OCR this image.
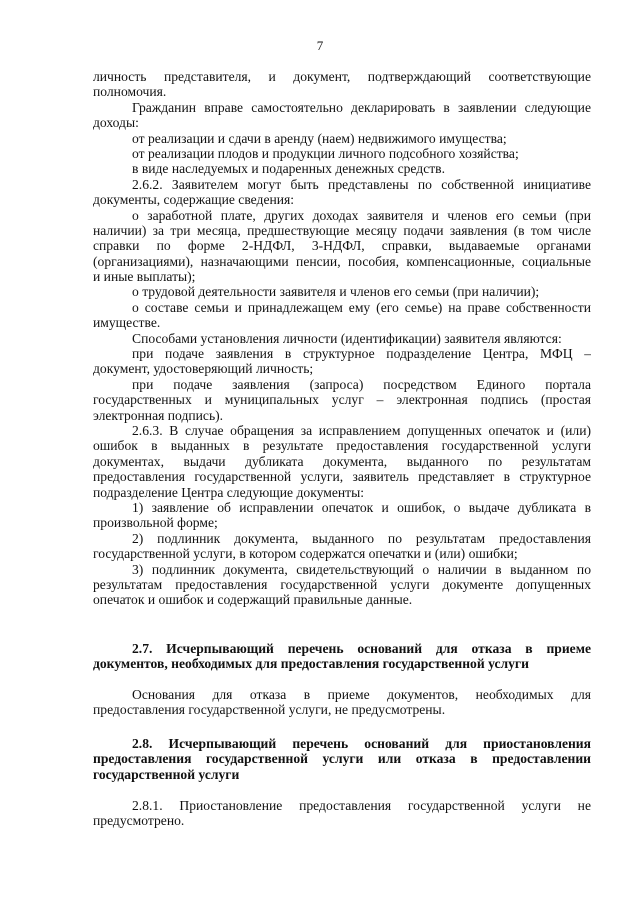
7
личность представителя, и документ, подтверждающий соответствующие
полномочия.
Гражданин вправе самостоятельно декларировать в заявлении следующие
доходы:
от реализации и сдачи в аренду (наем) недвижимого имущества;
от реализации плодов и продукции личного подсобного хозяйства;
в виде наследуемых и подаренных денежных средств.
2.6.2. Заявителем могут быть представлены по собственной инициативе
документы, содержащие сведения:
о заработной плате, других доходах заявителя и членов его семьи (при
наличии) за три месяца, предшествующие месяцу подачи заявления (в том числе
справки по форме 2-НДФЛ, 3-НДФЛ, справки, выдаваемые органами
(организациями), назначающими пенсии, пособия, компенсационные, социальные
и иные выплаты);
о трудовой деятельности заявителя и членов его семьи (при наличии);
о составе семьи и принадлежащем ему (его семье) на праве собственности
имуществе.
Способами установления личности (идентификации) заявителя являются:
при подаче заявления в структурное подразделение Центра, МФЦ –
документ, удостоверяющий личность;
при подаче заявления (запроса) посредством Единого портала
государственных и муниципальных услуг – электронная подпись (простая
электронная подпись).
2.6.3. В случае обращения за исправлением допущенных опечаток и (или)
ошибок в выданных в результате предоставления государственной услуги
документах, выдачи дубликата документа, выданного по результатам
предоставления государственной услуги, заявитель представляет в структурное
подразделение Центра следующие документы:
1) заявление об исправлении опечаток и ошибок, о выдаче дубликата в
произвольной форме;
2) подлинник документа, выданного по результатам предоставления
государственной услуги, в котором содержатся опечатки и (или) ошибки;
3) подлинник документа, свидетельствующий о наличии в выданном по
результатам предоставления государственной услуги документе допущенных
опечаток и ошибок и содержащий правильные данные.
2.7. Исчерпывающий перечень оснований для отказа в приеме
документов, необходимых для предоставления государственной услуги
Основания для отказа в приеме документов, необходимых для
предоставления государственной услуги, не предусмотрены.
2.8. Исчерпывающий перечень оснований для приостановления
предоставления государственной услуги или отказа в предоставлении
государственной услуги
2.8.1. Приостановление предоставления государственной услуги не
предусмотрено.
